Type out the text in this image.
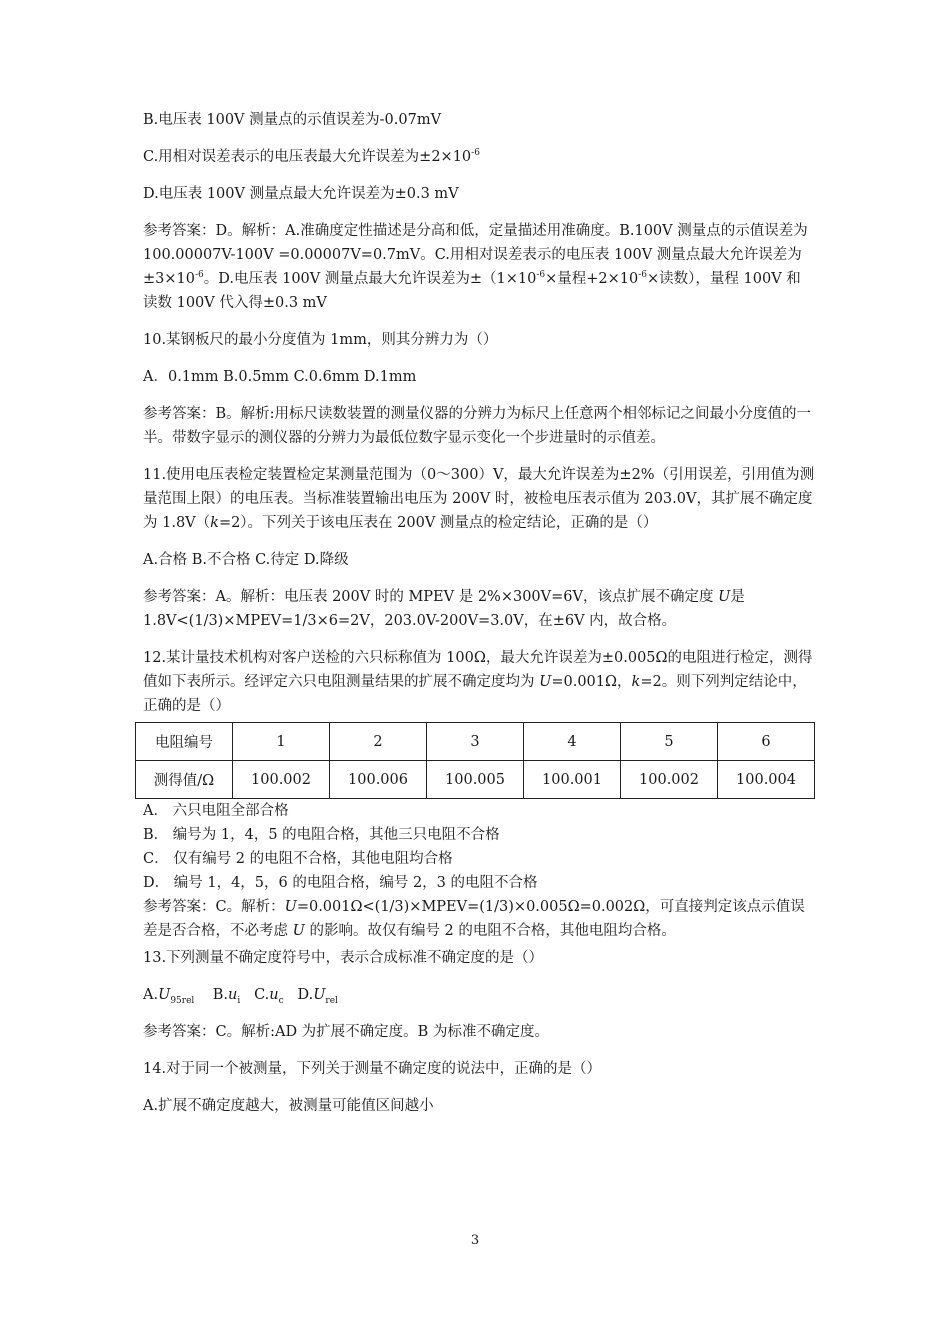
B.电压表 100V 测量点的示值误差为-0.07mV

C.用相对误差表示的电压表最大允许误差为$\pm 2\times 10^{-6}$

D.电压表 100V 测量点最大允许误差为±0.3 mV

参考答案：D。解析：A.准确度定性描述是分高和低，定量描述用准确度。B.100V 测量点的示值误差为 100.00007V-100V =0.00007V=0.7mV。C.用相对误差表示的电压表 100V 测量点最大允许误差为$\pm 3\times 10^{-6}$。D.电压表 100V 测量点最大允许误差为$\pm(1\times 10^{-6}\times$量程$+2\times 10^{-6}\times$读数），量程 100V 和读数 100V 代入得±0.3 mV

10.某钢板尺的最小分度值为 1mm，则其分辨力为（）

A．0.1mm B.0.5mm C.0.6mm D.1mm

参考答案：B。解析:用标尺读数装置的测量仪器的分辨力为标尺上任意两个相邻标记之间最小分度值的一半。带数字显示的测仪器的分辨力为最低位数字显示变化一个步进量时的示值差。

11.使用电压表检定装置检定某测量范围为（0～300）V，最大允许误差为±2%（引用误差，引用值为测量范围上限）的电压表。当标准装置输出电压为 200V 时，被检电压表示值为 203.0V，其扩展不确定度为 1.8V（k=2）。下列关于该电压表在 200V 测量点的检定结论，正确的是（）

A.合格 B.不合格 C.待定 D.降级

参考答案：A。解析：电压表 200V 时的 MPEV 是 2%×300V=6V，该点扩展不确定度 U是 1.8V<(1/3)×MPEV=1/3×6=2V，203.0V-200V=3.0V，在±6V 内，故合格。

12.某计量技术机构对客户送检的六只标称值为 100Ω，最大允许误差为±0.005Ω的电阻进行检定，测得值如下表所示。经评定六只电阻测量结果的扩展不确定度均为 U=0.001Ω，k=2。则下列判定结论中，正确的是（）

电阻编号	1	2	3	4	5	6
测得值/Ω	100.002	100.006	100.005	100.001	100.002	100.004

A． 六只电阻全部合格

B． 编号为 1，4，5 的电阻合格，其他三只电阻不合格

C． 仅有编号 2 的电阻不合格，其他电阻均合格

D． 编号 1，4，5，6 的电阻合格，编号 2，3 的电阻不合格

参考答案：C。解析：U=0.001Ω<(1/3)×MPEV=(1/3)×0.005Ω=0.002Ω，可直接判定该点示值误差是否合格，不必考虑 U 的影响。故仅有编号 2 的电阻不合格，其他电阻均合格。

13.下列测量不确定度符号中，表示合成标准不确定度的是（）

$A.U_{95rel}$ $B.u_i$ $C.u_c$ $D.U_{rel}$

参考答案：C。解析:AD 为扩展不确定度。B 为标准不确定度。

14.对于同一个被测量，下列关于测量不确定度的说法中，正确的是（）

A.扩展不确定度越大，被测量可能值区间越小

3
